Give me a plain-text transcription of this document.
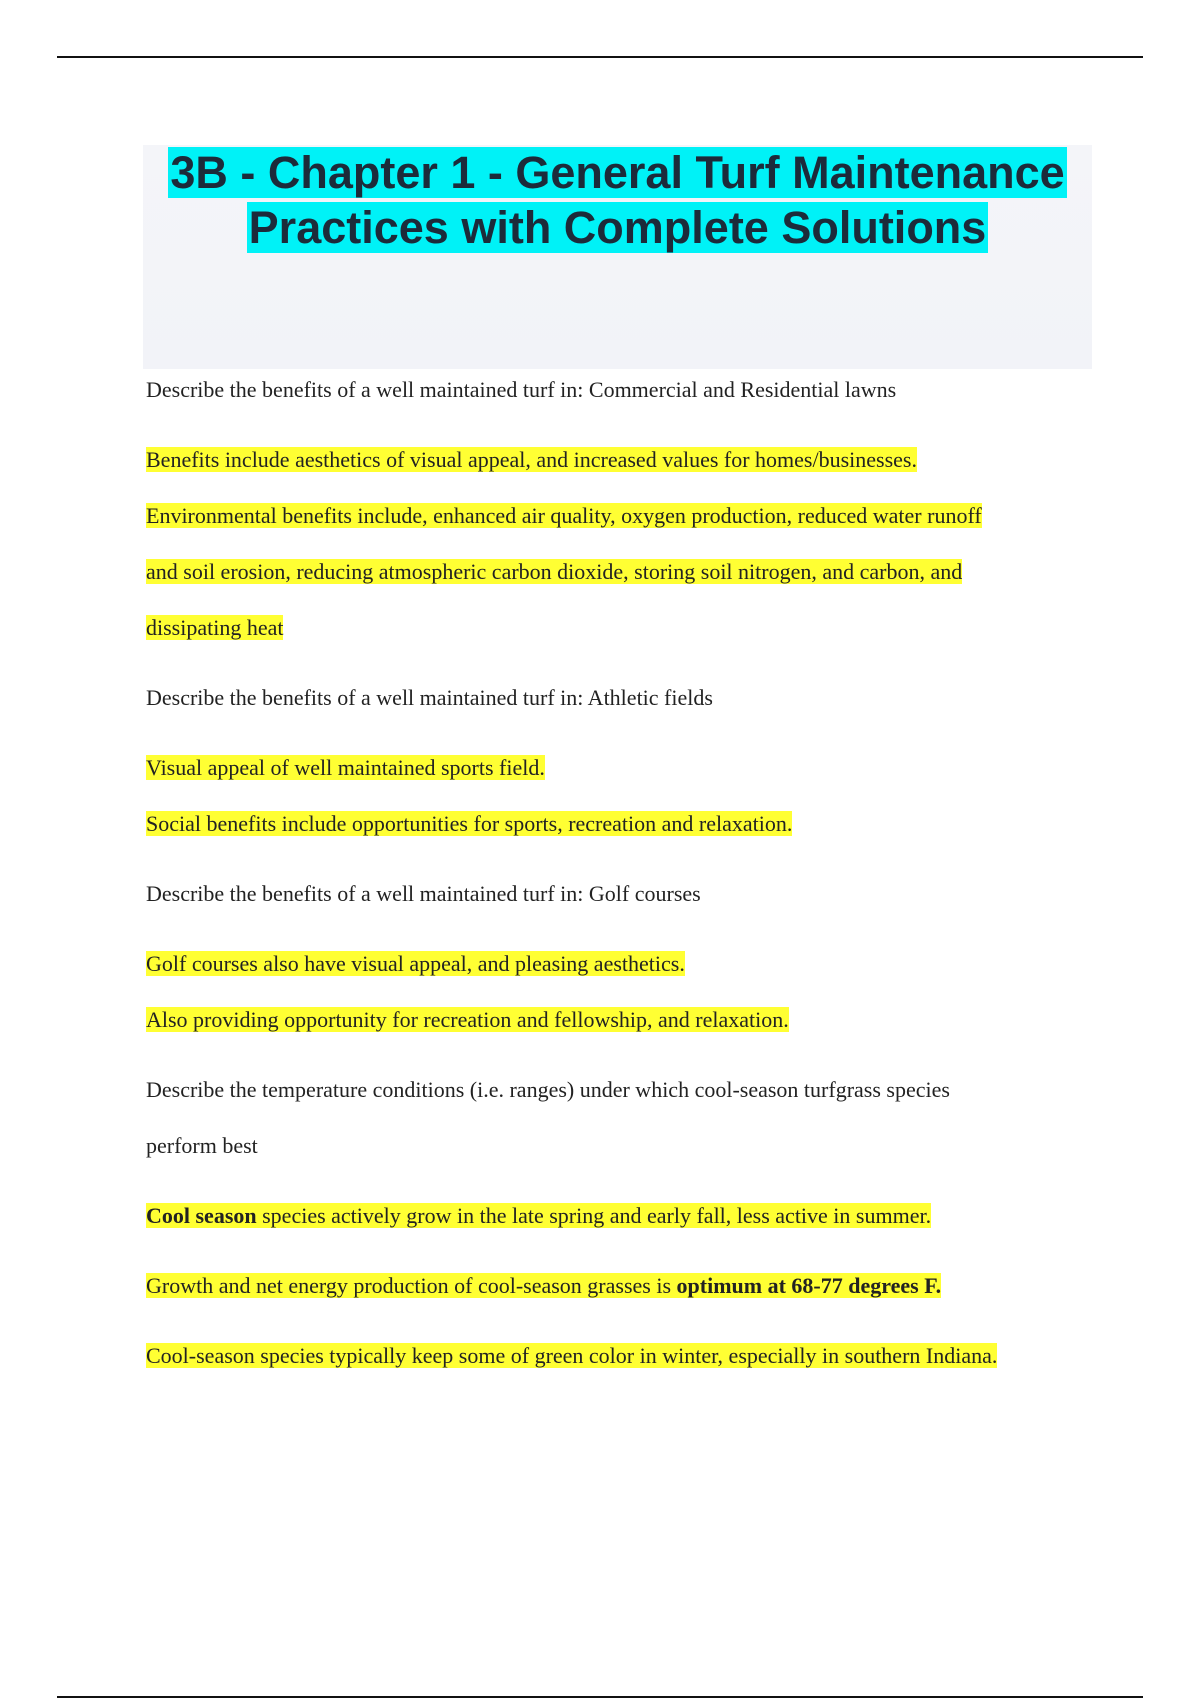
3B - Chapter 1 - General Turf Maintenance Practices with Complete Solutions

Describe the benefits of a well maintained turf in: Commercial and Residential lawns

Benefits include aesthetics of visual appeal, and increased values for homes/businesses.

Environmental benefits include, enhanced air quality, oxygen production, reduced water runoff

and soil erosion, reducing atmospheric carbon dioxide, storing soil nitrogen, and carbon, and

dissipating heat

Describe the benefits of a well maintained turf in: Athletic fields

Visual appeal of well maintained sports field.

Social benefits include opportunities for sports, recreation and relaxation.

Describe the benefits of a well maintained turf in: Golf courses

Golf courses also have visual appeal, and pleasing aesthetics.

Also providing opportunity for recreation and fellowship, and relaxation.

Describe the temperature conditions (i.e. ranges) under which cool-season turfgrass species

perform best

Cool season species actively grow in the late spring and early fall, less active in summer.

Growth and net energy production of cool-season grasses is optimum at 68-77 degrees F.

Cool-season species typically keep some of green color in winter, especially in southern Indiana.
